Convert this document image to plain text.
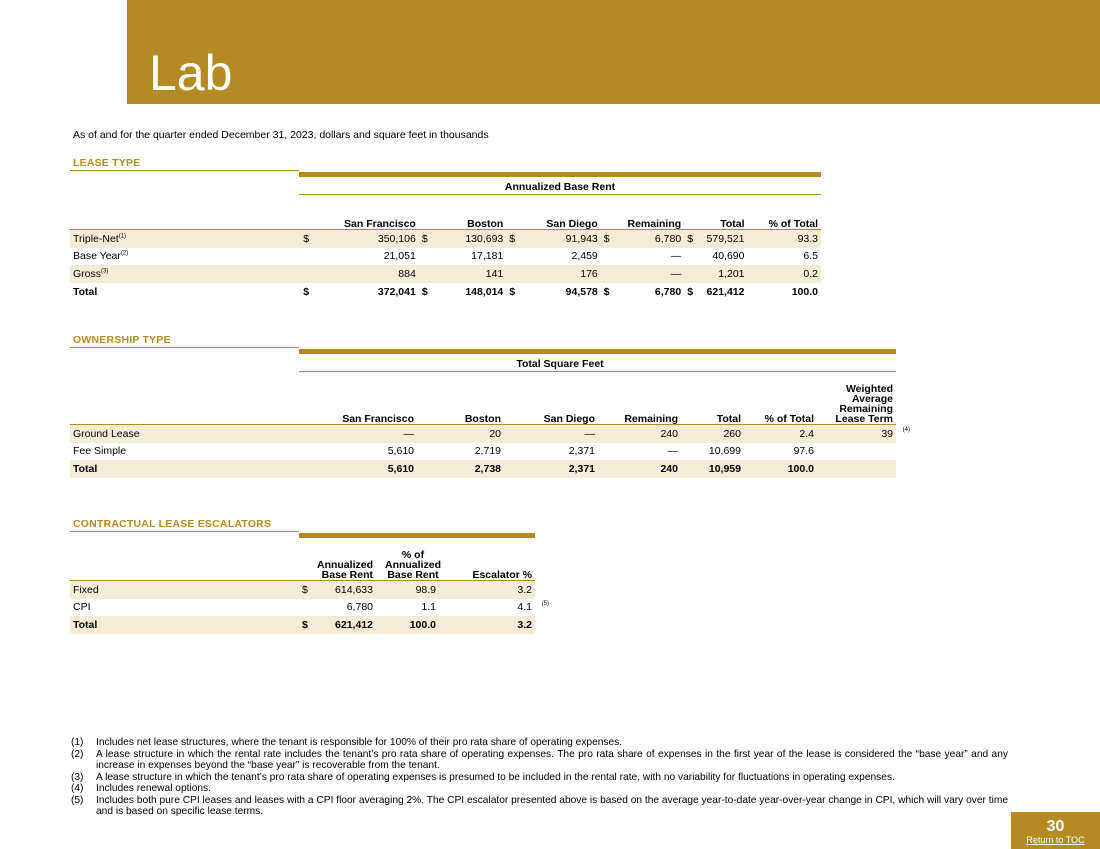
Lab
As of and for the quarter ended December 31, 2023, dollars and square feet in thousands
LEASE TYPE
Annualized Base Rent
	San Francisco		Boston		San Diego		Remaining		Total		% of Total
Triple-Net$^{(1)}$	$	350,106	$	130,693	$	91,943	$	6,780	$	579,521	93.3
Base Year$^{(2)}$		21,051		17,181		2,459		—		40,690	6.5
Gross$^{(3)}$		884		141		176		—		1,201	0.2
Total	$	372,041	$	148,014	$	94,578	$	6,780	$	621,412	100.0
OWNERSHIP TYPE
Total Square Feet
	San Francisco	Boston	San Diego	Remaining	Total	% of Total	Weighted Average Remaining Lease Term
Ground Lease	—	20	—	240	260	2.4	39 (4)

Fee Simple	5,610	2,719	2,371	—	10,699	97.6	
Total	5,610	2,738	2,371	240	10,959	100.0	
CONTRACTUAL LEASE ESCALATORS
	Annualized Base Rent		% of Annualized Base Rent	Escalator %
Fixed	$	614,633	98.9	3.2
CPI		6,780	1.1	4.1 (5)

Total	$	621,412	100.0	3.2
(1)	Includes net lease structures, where the tenant is responsible for 100% of their pro rata share of operating expenses.
(2)	A lease structure in which the rental rate includes the tenant’s pro rata share of operating expenses. The pro rata share of expenses in the first year of the lease is considered the “base year” and any increase in expenses beyond the “base year” is recoverable from the tenant.
(3)	A lease structure in which the tenant’s pro rata share of operating expenses is presumed to be included in the rental rate, with no variability for fluctuations in operating expenses.
(4)	Includes renewal options.
(5)	Includes both pure CPI leases and leases with a CPI floor averaging 2%. The CPI escalator presented above is based on the average year-to-date year-over-year change in CPI, which will vary over time and is based on specific lease terms.
30
Return to TOC
